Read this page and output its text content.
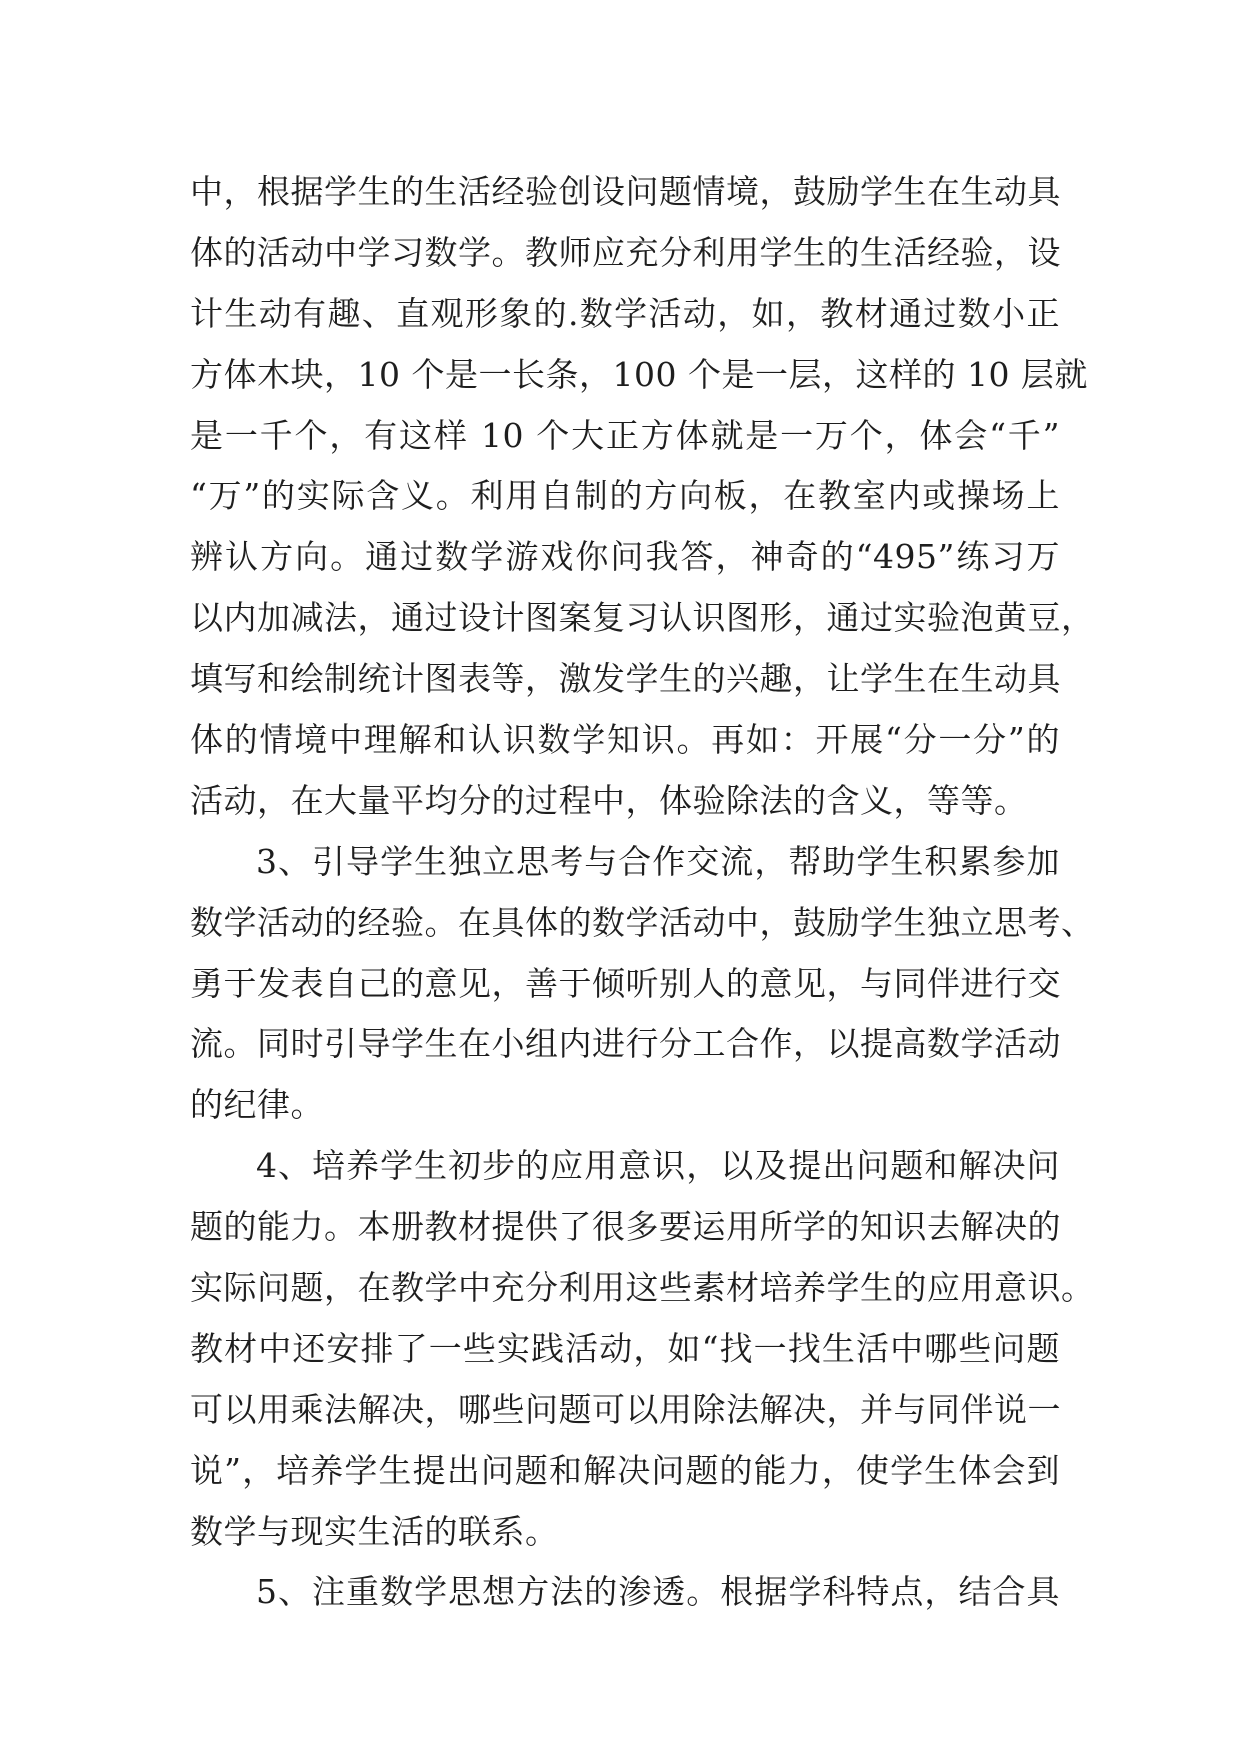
中，根据学生的生活经验创设问题情境，鼓励学生在生动具
体的活动中学习数学。教师应充分利用学生的生活经验，设
计生动有趣、直观形象的.数学活动，如，教材通过数小正
方体木块，10 个是一长条，100 个是一层，这样的 10 层就
是一千个，有这样 10 个大正方体就是一万个，体会“千”
“万”的实际含义。利用自制的方向板，在教室内或操场上
辨认方向。通过数学游戏你问我答，神奇的“495”练习万
以内加减法，通过设计图案复习认识图形，通过实验泡黄豆，
填写和绘制统计图表等，激发学生的兴趣，让学生在生动具
体的情境中理解和认识数学知识。再如：开展“分一分”的
活动，在大量平均分的过程中，体验除法的含义，等等。
3、引导学生独立思考与合作交流，帮助学生积累参加
数学活动的经验。在具体的数学活动中，鼓励学生独立思考、
勇于发表自己的意见，善于倾听别人的意见，与同伴进行交
流。同时引导学生在小组内进行分工合作，以提高数学活动
的纪律。
4、培养学生初步的应用意识，以及提出问题和解决问
题的能力。本册教材提供了很多要运用所学的知识去解决的
实际问题，在教学中充分利用这些素材培养学生的应用意识。
教材中还安排了一些实践活动，如“找一找生活中哪些问题
可以用乘法解决，哪些问题可以用除法解决，并与同伴说一
说”，培养学生提出问题和解决问题的能力，使学生体会到
数学与现实生活的联系。
5、注重数学思想方法的渗透。根据学科特点，结合具
